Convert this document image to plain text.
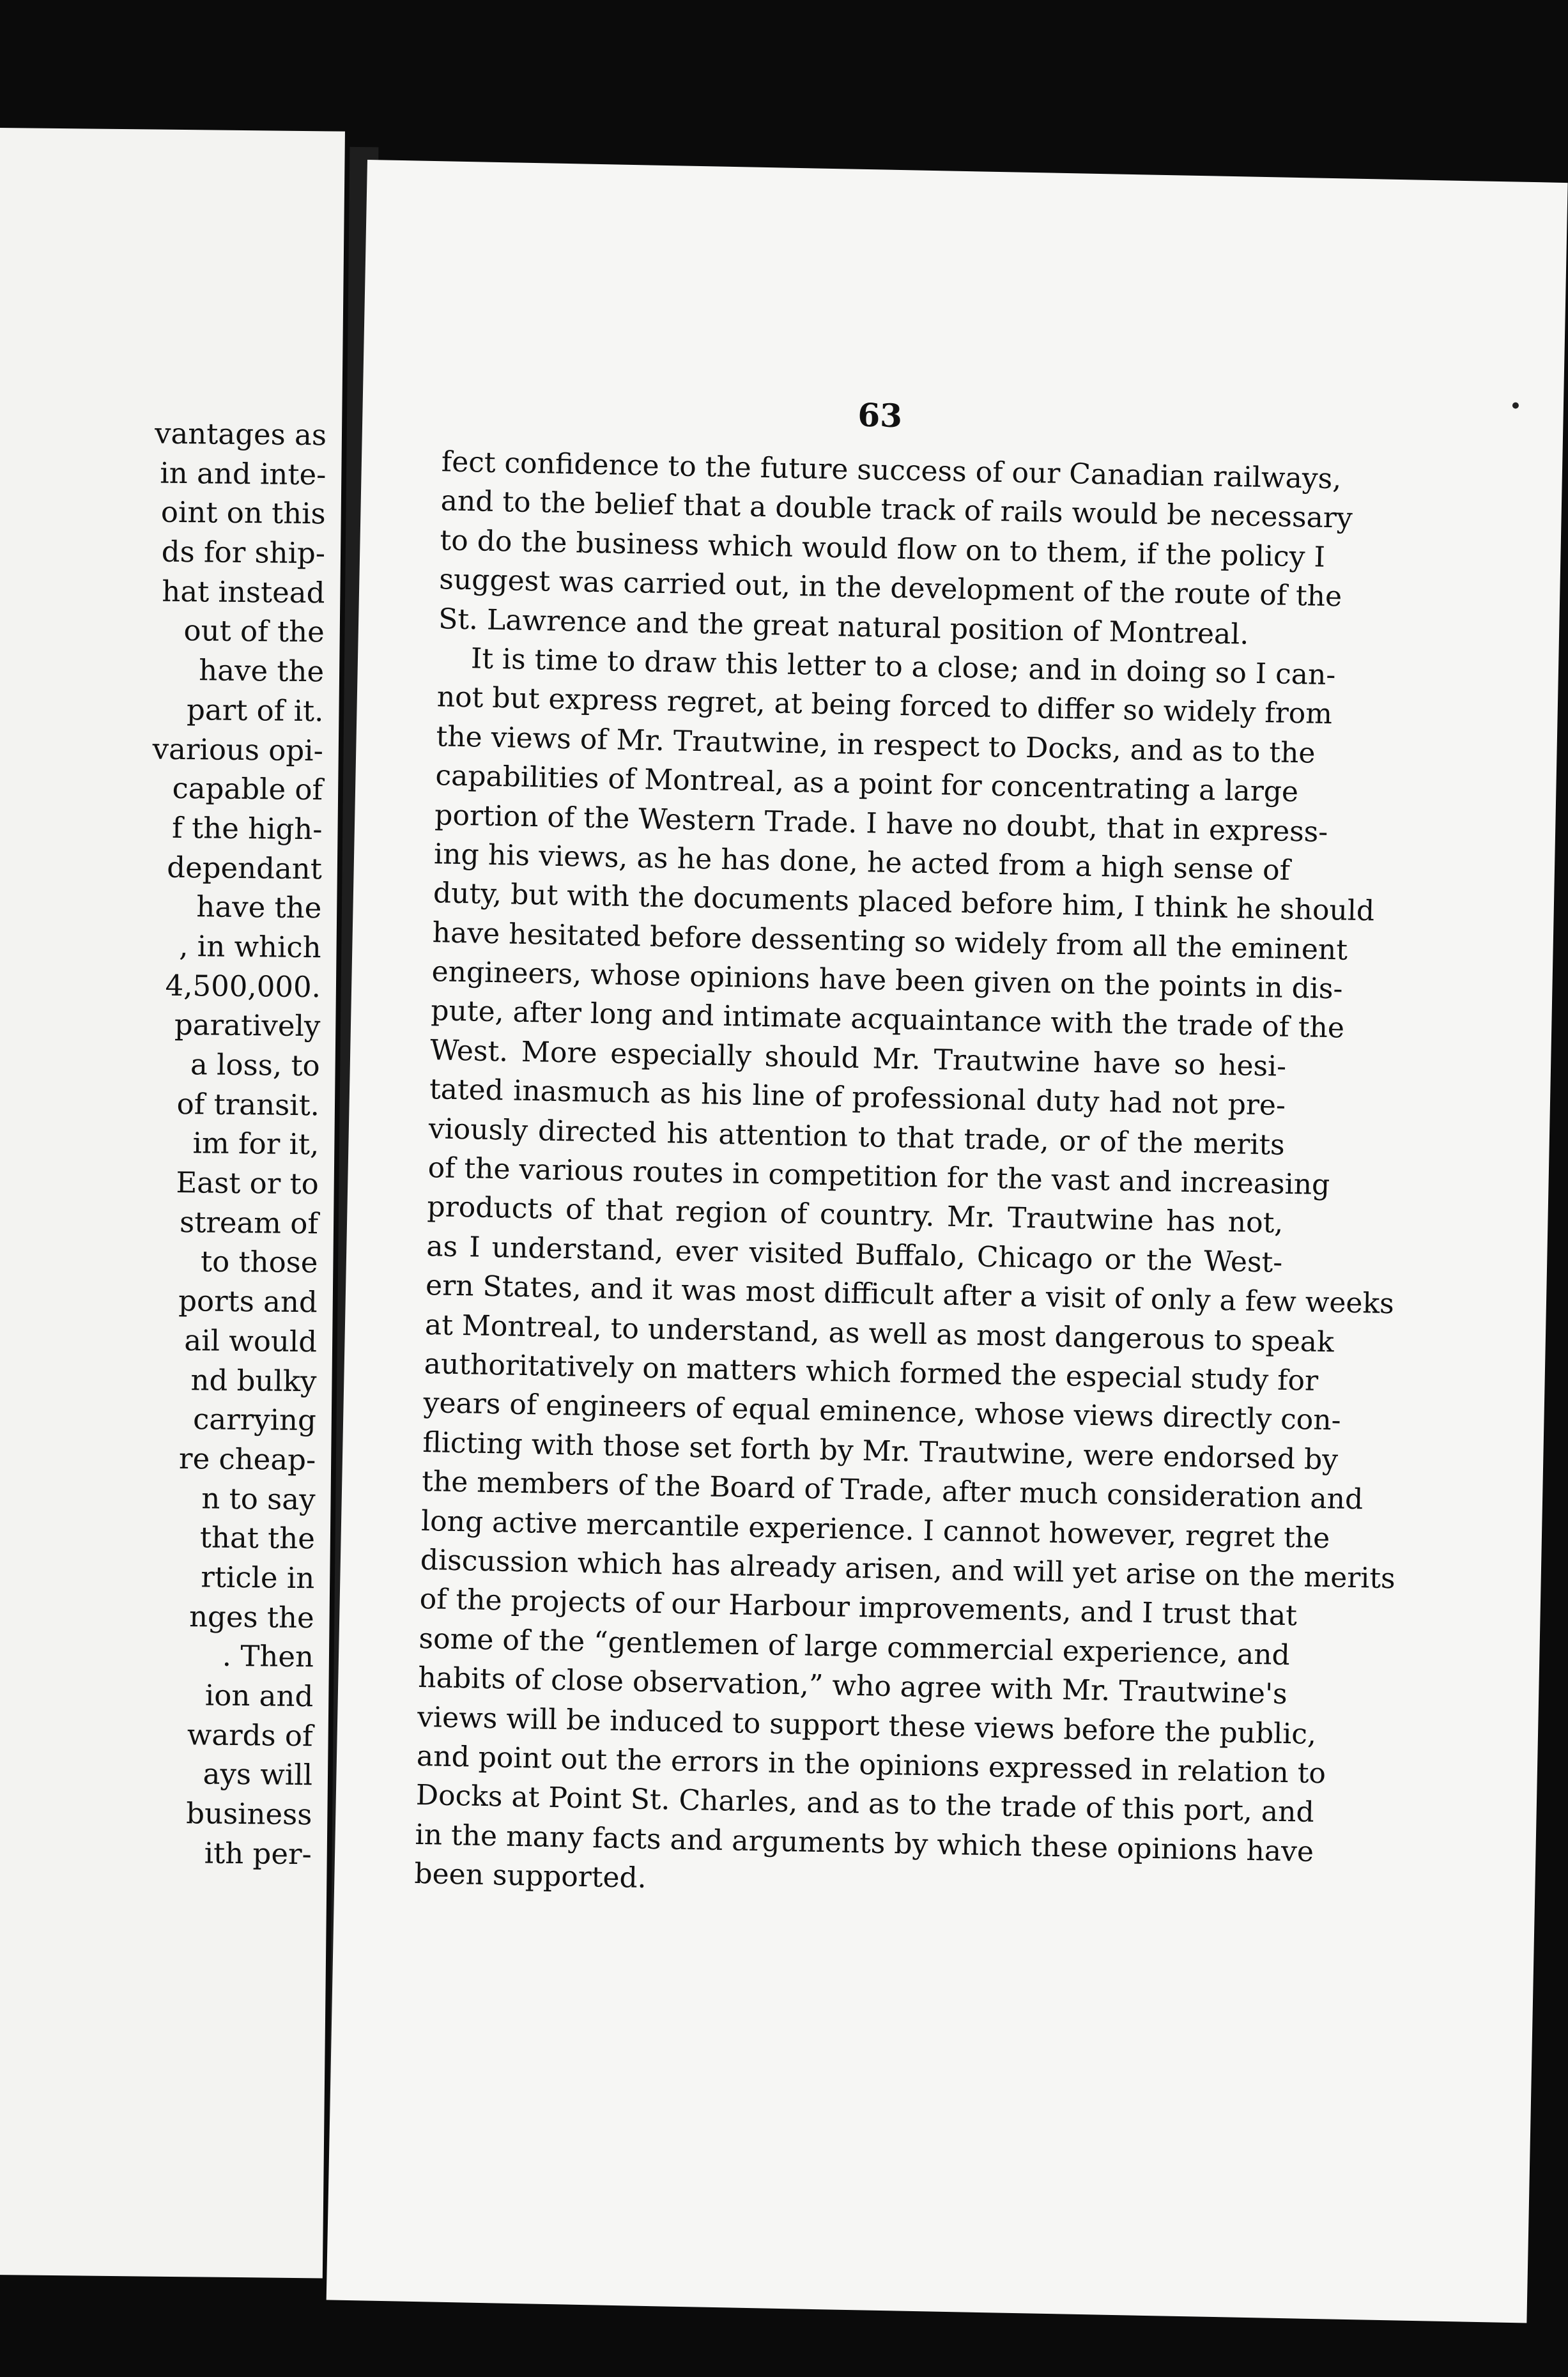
vantages as
in and inte-
oint on this
ds for ship-
hat instead
out of the
have the
part of it.
various opi-
capable of
f the high-
dependant
have the
, in which
4,500,000.
paratively
a loss, to
of transit.
im for it,
East or to
stream of
to those
ports and
ail would
nd bulky
carrying
re cheap-
n to say
that the
rticle in
nges the
. Then
ion and
wards of
ays will
business
ith per-
63
fect confidence to the future success of our Canadian railways,
and to the belief that a double track of rails would be necessary
to do the business which would flow on to them, if the policy I
suggest was carried out, in the development of the route of the
St. Lawrence and the great natural position of Montreal.
It is time to draw this letter to a close; and in doing so I can-
not but express regret, at being forced to differ so widely from
the views of Mr. Trautwine, in respect to Docks, and as to the
capabilities of Montreal, as a point for concentrating a large
portion of the Western Trade. I have no doubt, that in express-
ing his views, as he has done, he acted from a high sense of
duty, but with the documents placed before him, I think he should
have hesitated before dessenting so widely from all the eminent
engineers, whose opinions have been given on the points in dis-
pute, after long and intimate acquaintance with the trade of the
West. More especially should Mr. Trautwine have so hesi-
tated inasmuch as his line of professional duty had not pre-
viously directed his attention to that trade, or of the merits
of the various routes in competition for the vast and increasing
products of that region of country. Mr. Trautwine has not,
as I understand, ever visited Buffalo, Chicago or the West-
ern States, and it was most difficult after a visit of only a few weeks
at Montreal, to understand, as well as most dangerous to speak
authoritatively on matters which formed the especial study for
years of engineers of equal eminence, whose views directly con-
flicting with those set forth by Mr. Trautwine, were endorsed by
the members of the Board of Trade, after much consideration and
long active mercantile experience. I cannot however, regret the
discussion which has already arisen, and will yet arise on the merits
of the projects of our Harbour improvements, and I trust that
some of the “gentlemen of large commercial experience, and
habits of close observation,” who agree with Mr. Trautwine's
views will be induced to support these views before the public,
and point out the errors in the opinions expressed in relation to
Docks at Point St. Charles, and as to the trade of this port, and
in the many facts and arguments by which these opinions have
been supported.
